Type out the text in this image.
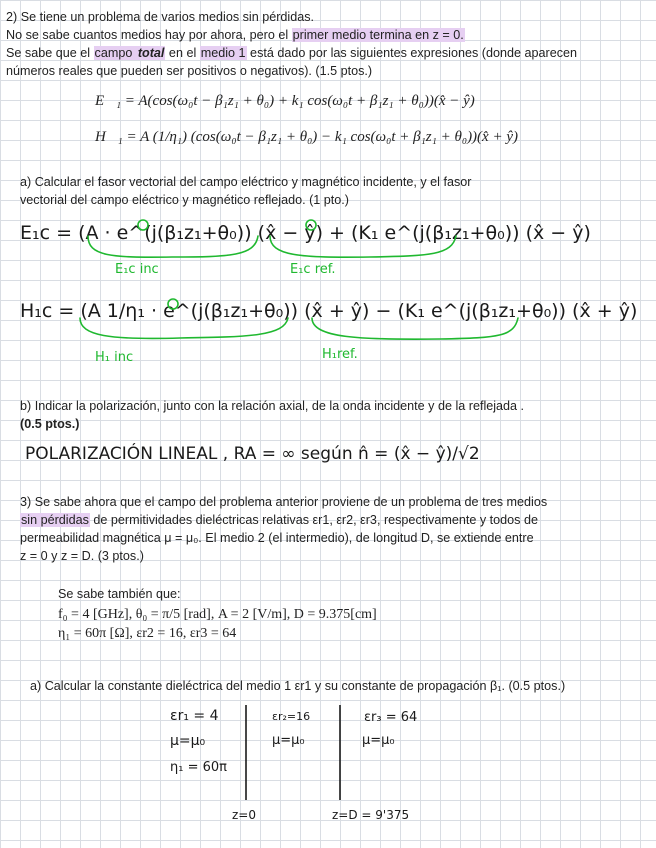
2) Se tiene un problema de varios medios sin pérdidas.
No se sabe cuantos medios hay por ahora, pero el primer medio termina en z = 0.
Se sabe que el campo total en el medio 1 está dado por las siguientes expresiones (donde aparecen
números reales que pueden ser positivos o negativos). (1.5 ptos.)
E⃗₁ = A(cos(ω₀t − β₁z₁ + θ₀) + k₁ cos(ω₀t + β₁z₁ + θ₀))(x̂ − ŷ)
H⃗₁ = A (1/η₁) (cos(ω₀t − β₁z₁ + θ₀) − k₁ cos(ω₀t + β₁z₁ + θ₀))(x̂ + ŷ)
a) Calcular el fasor vectorial del campo eléctrico y magnético incidente, y el fasor
vectorial del campo eléctrico y magnético reflejado. (1 pto.)
E₁c = (A · e^(j(β₁z₁+θ₀)) (x̂ − ŷ) + (K₁ e^(j(β₁z₁+θ₀)) (x̂ − ŷ)
E₁c inc	E₁c ref.
H₁c = (A 1/η₁ · e^(j(β₁z₁+θ₀)) (x̂ + ŷ) − (K₁ e^(j(β₁z₁+θ₀)) (x̂ + ŷ)
H₁ inc	H₁ref.
b) Indicar la polarización, junto con la relación axial, de la onda incidente y de la reflejada .
(0.5 ptos.)
POLARIZACIÓN LINEAL , RA = ∞ según n̂ = (x̂ − ŷ)/√2
3) Se sabe ahora que el campo del problema anterior proviene de un problema de tres medios
sin pérdidas de permitividades dieléctricas relativas εr1, εr2, εr3, respectivamente y todos de
permeabilidad magnética μ = μ₀. El medio 2 (el intermedio), de longitud D, se extiende entre
z = 0 y z = D. (3 ptos.)
Se sabe también que:
f₀ = 4 [GHz], θ₀ = π/5 [rad], A = 2 [V/m], D = 9.375[cm]
η₁ = 60π [Ω], εr2 = 16, εr3 = 64
a) Calcular la constante dieléctrica del medio 1 εr1 y su constante de propagación β₁. (0.5 ptos.)
εr₁ = 4
μ=μ₀
η₁ = 60π
εr₂=16
μ=μ₀
εr₃ = 64
μ=μ₀
z=0	z=D = 9'375
